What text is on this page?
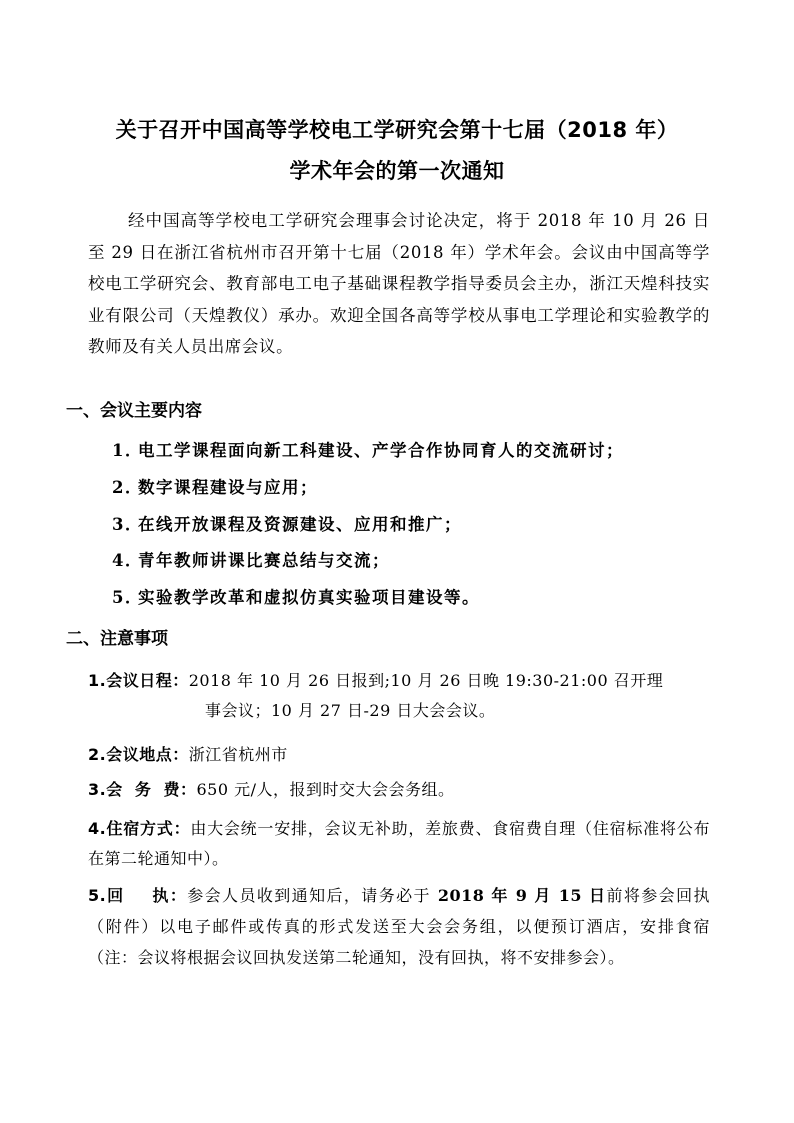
关于召开中国高等学校电工学研究会第十七届（2018 年）
学术年会的第一次通知
经中国高等学校电工学研究会理事会讨论决定，将于 2018 年 10 月 26 日至 29 日在浙江省杭州市召开第十七届（2018 年）学术年会。会议由中国高等学校电工学研究会、教育部电工电子基础课程教学指导委员会主办，浙江天煌科技实业有限公司（天煌教仪）承办。欢迎全国各高等学校从事电工学理论和实验教学的教师及有关人员出席会议。
一、会议主要内容
1．电工学课程面向新工科建设、产学合作协同育人的交流研讨；
2．数字课程建设与应用；
3．在线开放课程及资源建设、应用和推广；
4．青年教师讲课比赛总结与交流；
5．实验教学改革和虚拟仿真实验项目建设等。
二、注意事项
1.会议日程：2018 年 10 月 26 日报到;10 月 26 日晚 19:30-21:00 召开理
事会议；10 月 27 日-29 日大会会议。
2.会议地点：浙江省杭州市
3.会  务  费：650 元/人，报到时交大会会务组。
4.住宿方式：由大会统一安排，会议无补助，差旅费、食宿费自理（住宿标准将公布在第二轮通知中）。
5.回    执：参会人员收到通知后，请务必于 2018 年 9 月 15 日前将参会回执（附件）以电子邮件或传真的形式发送至大会会务组，以便预订酒店，安排食宿（注：会议将根据会议回执发送第二轮通知，没有回执，将不安排参会）。
